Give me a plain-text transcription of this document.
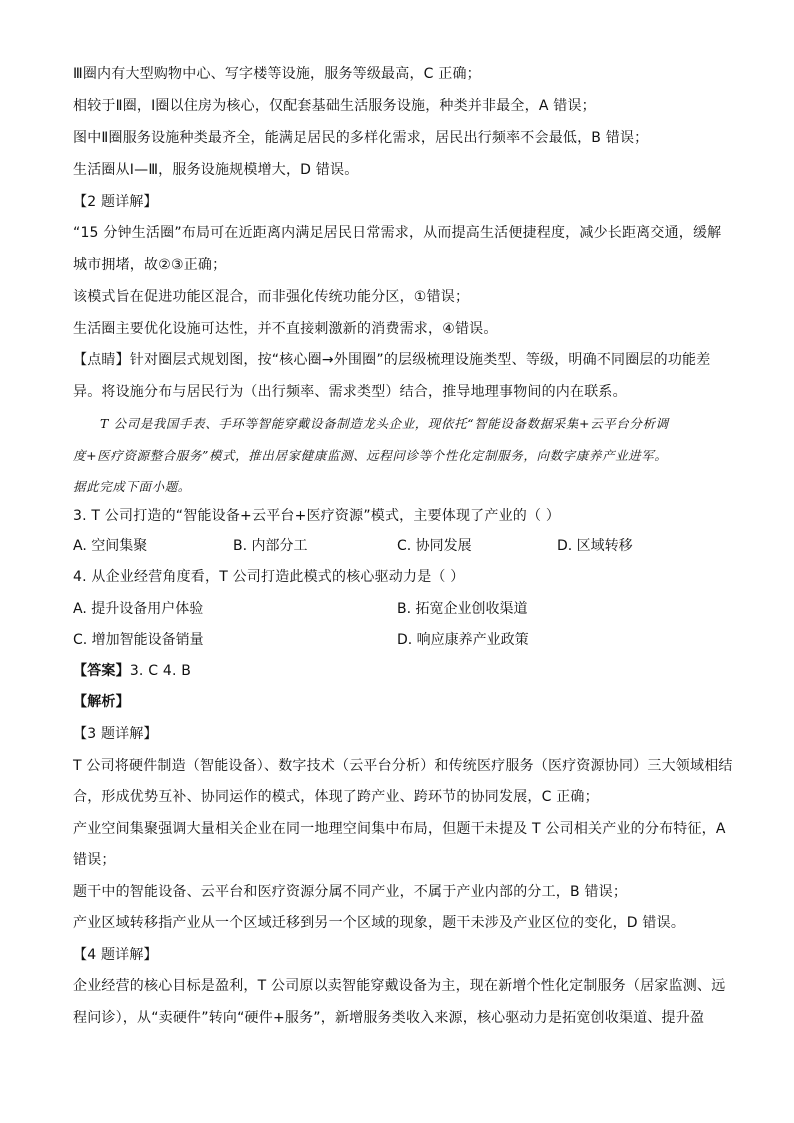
Ⅲ圈内有大型购物中心、写字楼等设施，服务等级最高，C 正确；
相较于Ⅱ圈，Ⅰ圈以住房为核心，仅配套基础生活服务设施，种类并非最全，A 错误；
图中Ⅱ圈服务设施种类最齐全，能满足居民的多样化需求，居民出行频率不会最低，B 错误；
生活圈从Ⅰ—Ⅲ，服务设施规模增大，D 错误。
【2 题详解】
“15 分钟生活圈”布局可在近距离内满足居民日常需求，从而提高生活便捷程度，减少长距离交通，缓解
城市拥堵，故②③正确；
该模式旨在促进功能区混合，而非强化传统功能分区，①错误；
生活圈主要优化设施可达性，并不直接刺激新的消费需求，④错误。
【点睛】针对圈层式规划图，按“核心圈→外围圈”的层级梳理设施类型、等级，明确不同圈层的功能差
异。将设施分布与居民行为（出行频率、需求类型）结合，推导地理事物间的内在联系。
T 公司是我国手表、手环等智能穿戴设备制造龙头企业，现依托“智能设备数据采集+云平台分析调
度+医疗资源整合服务”模式，推出居家健康监测、远程问诊等个性化定制服务，向数字康养产业进军。
据此完成下面小题。
3. T 公司打造的“智能设备+云平台+医疗资源”模式，主要体现了产业的（ ）
A. 空间集聚	B. 内部分工	C. 协同发展	D. 区域转移
4. 从企业经营角度看，T 公司打造此模式的核心驱动力是（ ）
A. 提升设备用户体验	B. 拓宽企业创收渠道
C. 增加智能设备销量	D. 响应康养产业政策
【答案】3. C 4. B
【解析】
【3 题详解】
T 公司将硬件制造（智能设备）、数字技术（云平台分析）和传统医疗服务（医疗资源协同）三大领域相结
合，形成优势互补、协同运作的模式，体现了跨产业、跨环节的协同发展，C 正确；
产业空间集聚强调大量相关企业在同一地理空间集中布局，但题干未提及 T 公司相关产业的分布特征，A
错误；
题干中的智能设备、云平台和医疗资源分属不同产业，不属于产业内部的分工，B 错误；
产业区域转移指产业从一个区域迁移到另一个区域的现象，题干未涉及产业区位的变化，D 错误。
【4 题详解】
企业经营的核心目标是盈利，T 公司原以卖智能穿戴设备为主，现在新增个性化定制服务（居家监测、远
程问诊），从“卖硬件”转向“硬件+服务”，新增服务类收入来源，核心驱动力是拓宽创收渠道、提升盈
